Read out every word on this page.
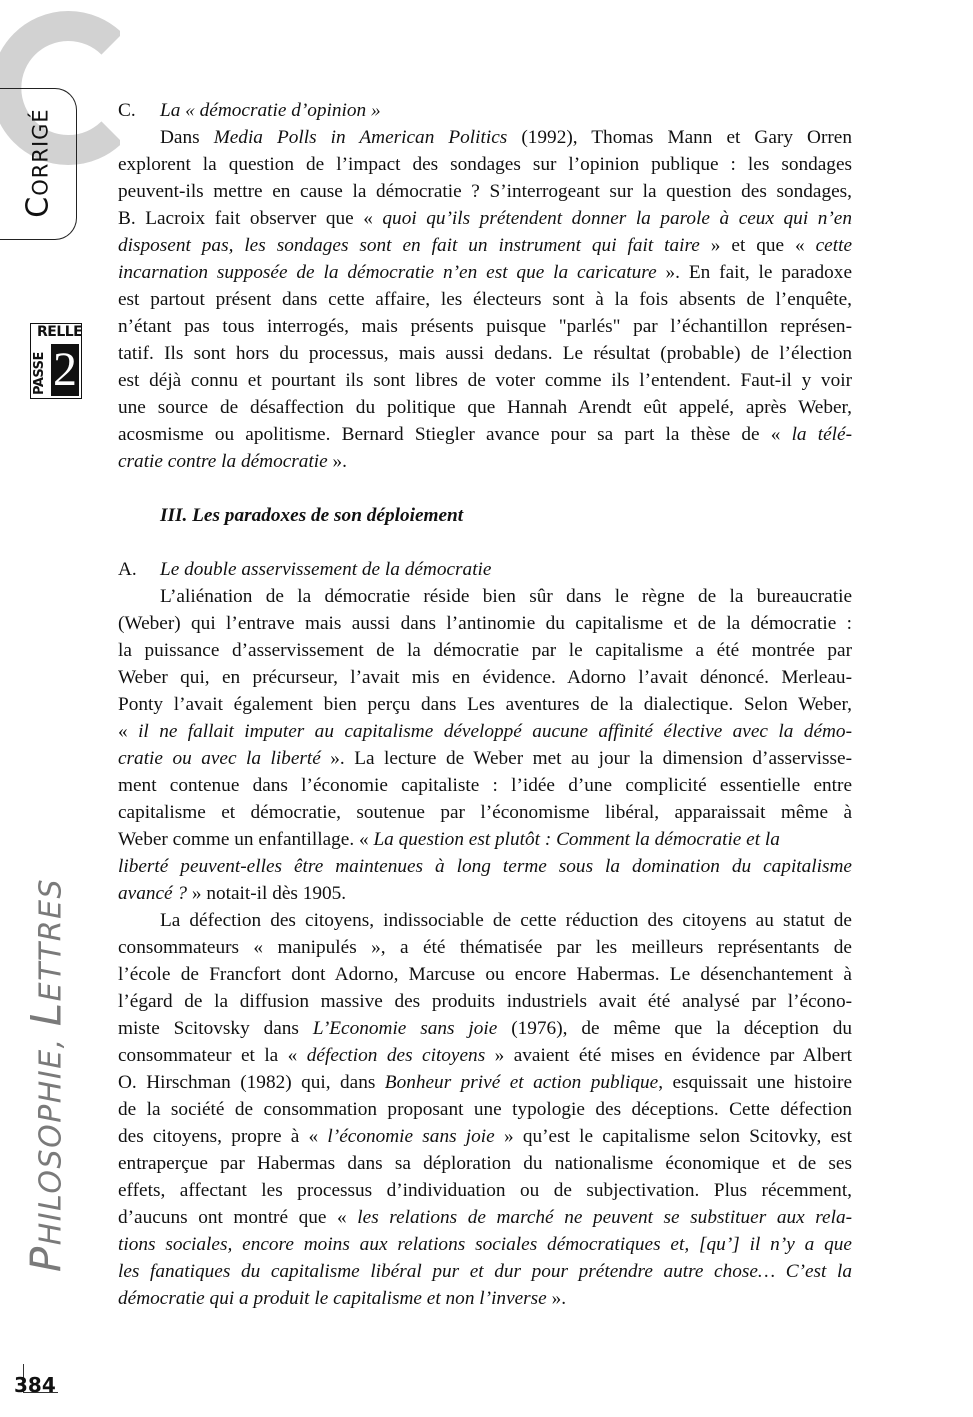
CORRIGÉ
RELLE
PASSE 2
PHILOSOPHIE, LETTRES
384
C. La « démocratie d’opinion »
Dans Media Polls in American Politics (1992), Thomas Mann et Gary Orren
explorent la question de l’impact des sondages sur l’opinion publique : les sondages
peuvent-ils mettre en cause la démocratie ? S’interrogeant sur la question des sondages,
B. Lacroix fait observer que « quoi qu’ils prétendent donner la parole à ceux qui n’en
disposent pas, les sondages sont en fait un instrument qui fait taire » et que « cette
incarnation supposée de la démocratie n’en est que la caricature ». En fait, le paradoxe
est partout présent dans cette affaire, les électeurs sont à la fois absents de l’enquête,
n’étant pas tous interrogés, mais présents puisque "parlés" par l’échantillon représen-
tatif. Ils sont hors du processus, mais aussi dedans. Le résultat (probable) de l’élection
est déjà connu et pourtant ils sont libres de voter comme ils l’entendent. Faut-il y voir
une source de désaffection du politique que Hannah Arendt eût appelé, après Weber,
acosmisme ou apolitisme. Bernard Stiegler avance pour sa part la thèse de « la télé-
cratie contre la démocratie ».
III. Les paradoxes de son déploiement
A. Le double asservissement de la démocratie
L’aliénation de la démocratie réside bien sûr dans le règne de la bureaucratie
(Weber) qui l’entrave mais aussi dans l’antinomie du capitalisme et de la démocratie :
la puissance d’asservissement de la démocratie par le capitalisme a été montrée par
Weber qui, en précurseur, l’avait mis en évidence. Adorno l’avait dénoncé. Merleau-
Ponty l’avait également bien perçu dans Les aventures de la dialectique. Selon Weber,
« il ne fallait imputer au capitalisme développé aucune affinité élective avec la démo-
cratie ou avec la liberté ». La lecture de Weber met au jour la dimension d’asservisse-
ment contenue dans l’économie capitaliste : l’idée d’une complicité essentielle entre
capitalisme et démocratie, soutenue par l’économisme libéral, apparaissait même à
Weber comme un enfantillage. « La question est plutôt : Comment la démocratie et la
liberté peuvent-elles être maintenues à long terme sous la domination du capitalisme
avancé ? » notait-il dès 1905.
La défection des citoyens, indissociable de cette réduction des citoyens au statut de
consommateurs « manipulés », a été thématisée par les meilleurs représentants de
l’école de Francfort dont Adorno, Marcuse ou encore Habermas. Le désenchantement à
l’égard de la diffusion massive des produits industriels avait été analysé par l’écono-
miste Scitovsky dans L’Economie sans joie (1976), de même que la déception du
consommateur et la « défection des citoyens » avaient été mises en évidence par Albert
O. Hirschman (1982) qui, dans Bonheur privé et action publique, esquissait une histoire
de la société de consommation proposant une typologie des déceptions. Cette défection
des citoyens, propre à « l’économie sans joie » qu’est le capitalisme selon Scitovky, est
entraperçue par Habermas dans sa déploration du nationalisme économique et de ses
effets, affectant les processus d’individuation ou de subjectivation. Plus récemment,
d’aucuns ont montré que « les relations de marché ne peuvent se substituer aux rela-
tions sociales, encore moins aux relations sociales démocratiques et, [qu’] il n’y a que
les fanatiques du capitalisme libéral pur et dur pour prétendre autre chose… C’est la
démocratie qui a produit le capitalisme et non l’inverse ».
